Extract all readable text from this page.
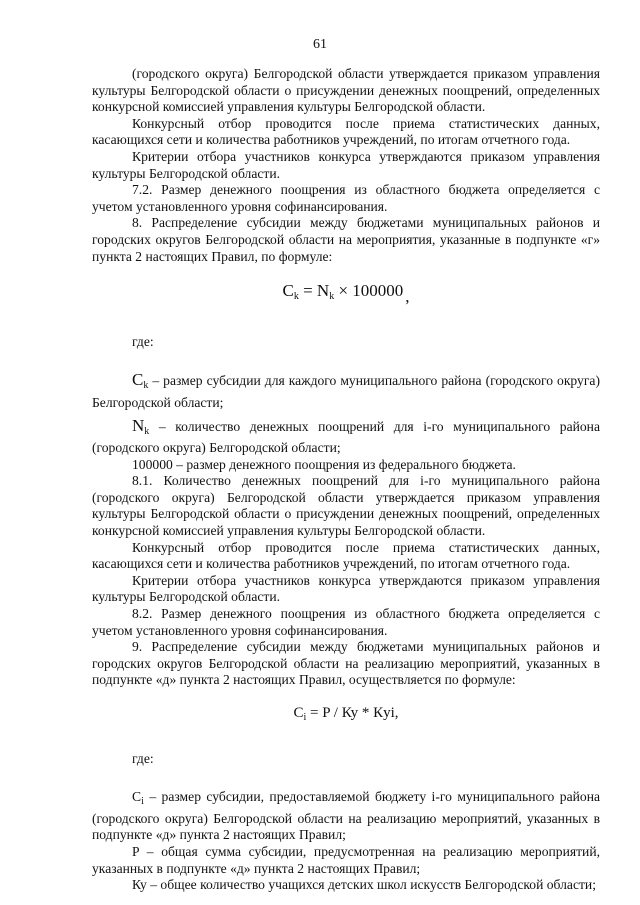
61

(городского округа) Белгородской области утверждается приказом управления культуры Белгородской области о присуждении денежных поощрений, определенных конкурсной комиссией управления культуры Белгородской области.

Конкурсный отбор проводится после приема статистических данных, касающихся сети и количества работников учреждений, по итогам отчетного года.

Критерии отбора участников конкурса утверждаются приказом управления культуры Белгородской области.

7.2. Размер денежного поощрения из областного бюджета определяется с учетом установленного уровня софинансирования.

8. Распределение субсидии между бюджетами муниципальных районов и городских округов Белгородской области на мероприятия, указанные в подпункте «г» пункта 2 настоящих Правил, по формуле:

$C_k = N_k \times 100000$ ,

где:

$C_k$ – размер субсидии для каждого муниципального района (городского округа) Белгородской области;

$N_k$ – количество денежных поощрений для i-го муниципального района (городского округа) Белгородской области;

100000 – размер денежного поощрения из федерального бюджета.

8.1. Количество денежных поощрений для i-го муниципального района (городского округа) Белгородской области утверждается приказом управления культуры Белгородской области о присуждении денежных поощрений, определенных конкурсной комиссией управления культуры Белгородской области.

Конкурсный отбор проводится после приема статистических данных, касающихся сети и количества работников учреждений, по итогам отчетного года.

Критерии отбора участников конкурса утверждаются приказом управления культуры Белгородской области.

8.2. Размер денежного поощрения из областного бюджета определяется с учетом установленного уровня софинансирования.

9. Распределение субсидии между бюджетами муниципальных районов и городских округов Белгородской области на реализацию мероприятий, указанных в подпункте «д» пункта 2 настоящих Правил, осуществляется по формуле:

$C_i = P$ / Ку * Кyi,

где:

$C_i$ – размер субсидии, предоставляемой бюджету i-го муниципального района (городского округа) Белгородской области на реализацию мероприятий, указанных в подпункте «д» пункта 2 настоящих Правил;

P – общая сумма субсидии, предусмотренная на реализацию мероприятий, указанных в подпункте «д» пункта 2 настоящих Правил;

Ку – общее количество учащихся детских школ искусств Белгородской области;
